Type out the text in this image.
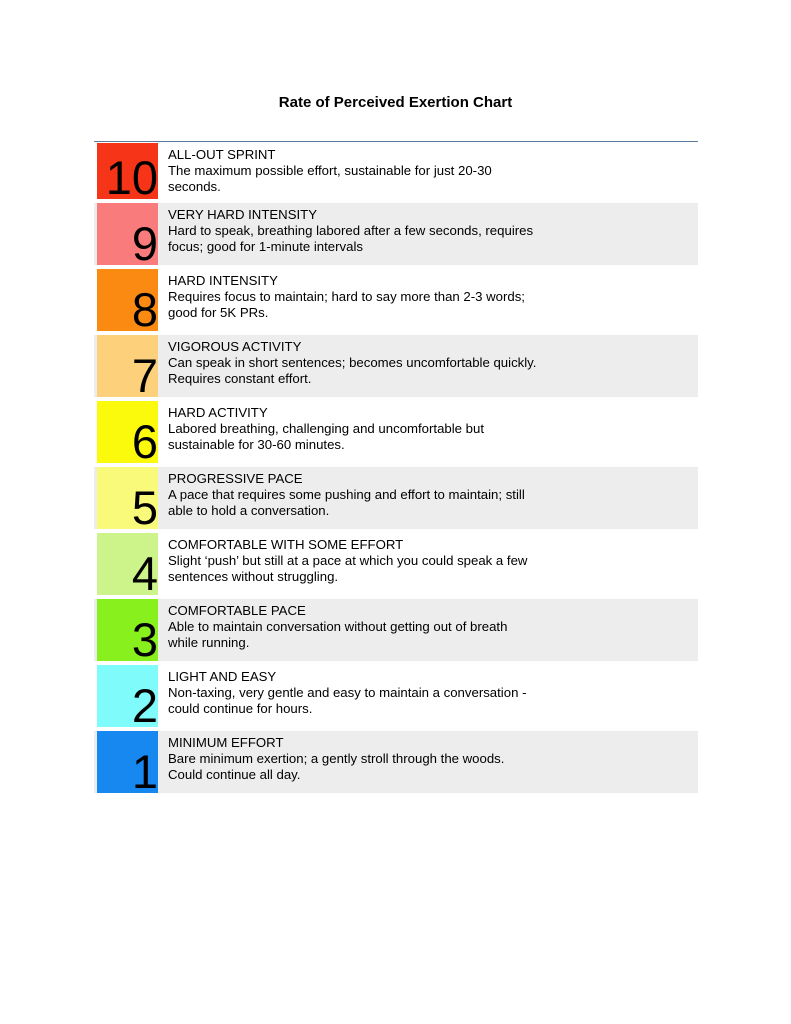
Rate of Perceived Exertion Chart
10 ALL-OUT SPRINT
The maximum possible effort, sustainable for just 20-30 seconds.
9
VERY HARD INTENSITY
Hard to speak, breathing labored after a few seconds, requires focus; good for 1-minute intervals
8
HARD INTENSITY
Requires focus to maintain; hard to say more than 2-3 words; good for 5K PRs.
7
VIGOROUS ACTIVITY
Can speak in short sentences; becomes uncomfortable quickly. Requires constant effort.
6
HARD ACTIVITY
Labored breathing, challenging and uncomfortable but sustainable for 30-60 minutes.
5
PROGRESSIVE PACE
A pace that requires some pushing and effort to maintain; still able to hold a conversation.
4
COMFORTABLE WITH SOME EFFORT
Slight ‘push’ but still at a pace at which you could speak a few sentences without struggling.
3
COMFORTABLE PACE
Able to maintain conversation without getting out of breath while running.
2
LIGHT AND EASY
Non-taxing, very gentle and easy to maintain a conversation - could continue for hours.
1
MINIMUM EFFORT
Bare minimum exertion; a gently stroll through the woods. Could continue all day.
